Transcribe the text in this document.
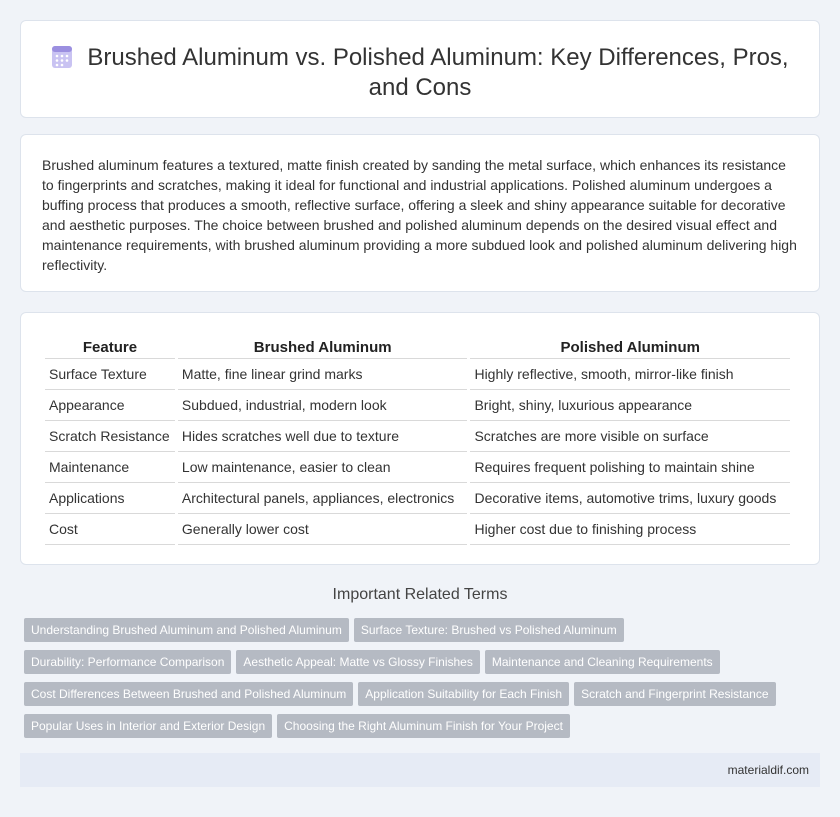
Brushed Aluminum vs. Polished Aluminum: Key Differences, Pros, and Cons

Brushed aluminum features a textured, matte finish created by sanding the metal surface, which enhances its resistance to fingerprints and scratches, making it ideal for functional and industrial applications. Polished aluminum undergoes a buffing process that produces a smooth, reflective surface, offering a sleek and shiny appearance suitable for decorative and aesthetic purposes. The choice between brushed and polished aluminum depends on the desired visual effect and maintenance requirements, with brushed aluminum providing a more subdued look and polished aluminum delivering high reflectivity.

Feature	Brushed Aluminum	Polished Aluminum
Surface Texture	Matte, fine linear grind marks	Highly reflective, smooth, mirror-like finish
Appearance	Subdued, industrial, modern look	Bright, shiny, luxurious appearance
Scratch Resistance	Hides scratches well due to texture	Scratches are more visible on surface
Maintenance	Low maintenance, easier to clean	Requires frequent polishing to maintain shine
Applications	Architectural panels, appliances, electronics	Decorative items, automotive trims, luxury goods
Cost	Generally lower cost	Higher cost due to finishing process
Important Related Terms
Understanding Brushed Aluminum and Polished Aluminum	Surface Texture: Brushed vs Polished Aluminum
Durability: Performance Comparison	Aesthetic Appeal: Matte vs Glossy Finishes	Maintenance and Cleaning Requirements
Cost Differences Between Brushed and Polished Aluminum	Application Suitability for Each Finish	Scratch and Fingerprint Resistance
Popular Uses in Interior and Exterior Design	Choosing the Right Aluminum Finish for Your Project
materialdif.com
